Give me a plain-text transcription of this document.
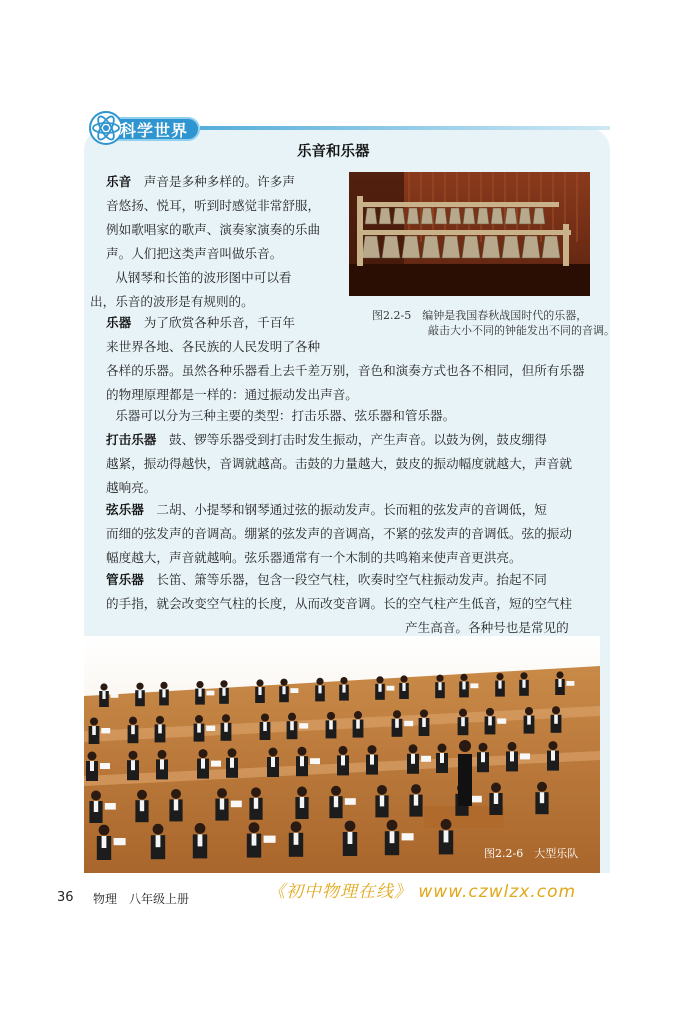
科学世界
乐音和乐器
乐音　声音是多种多样的。许多声
音悠扬、悦耳，听到时感觉非常舒服，
例如歌唱家的歌声、演奏家演奏的乐曲
声。人们把这类声音叫做乐音。
　　从钢琴和长笛的波形图中可以看
出，乐音的波形是有规则的。
乐器　为了欣赏各种乐音，千百年
来世界各地、各民族的人民发明了各种
各样的乐器。虽然各种乐器看上去千差万别，音色和演奏方式也各不相同，但所有乐器
的物理原理都是一样的：通过振动发出声音。
　　乐器可以分为三种主要的类型：打击乐器、弦乐器和管乐器。
打击乐器　鼓、锣等乐器受到打击时发生振动，产生声音。以鼓为例，鼓皮绷得
越紧，振动得越快，音调就越高。击鼓的力量越大，鼓皮的振动幅度就越大，声音就
越响亮。
弦乐器　二胡、小提琴和钢琴通过弦的振动发声。长而粗的弦发声的音调低，短
而细的弦发声的音调高。绷紧的弦发声的音调高，不紧的弦发声的音调低。弦的振动
幅度越大，声音就越响。弦乐器通常有一个木制的共鸣箱来使声音更洪亮。
管乐器　长笛、箫等乐器，包含一段空气柱，吹奏时空气柱振动发声。抬起不同
的手指，就会改变空气柱的长度，从而改变音调。长的空气柱产生低音，短的空气柱
产生高音。各种号也是常见的
图2.2-5　 编钟是我国春秋战国时代的乐器，
敲击大小不同的钟能发出不同的音调。
图2.2-6　 大型乐队
36 物理　八年级上册	《初中物理在线》 www.czwlzx.com
